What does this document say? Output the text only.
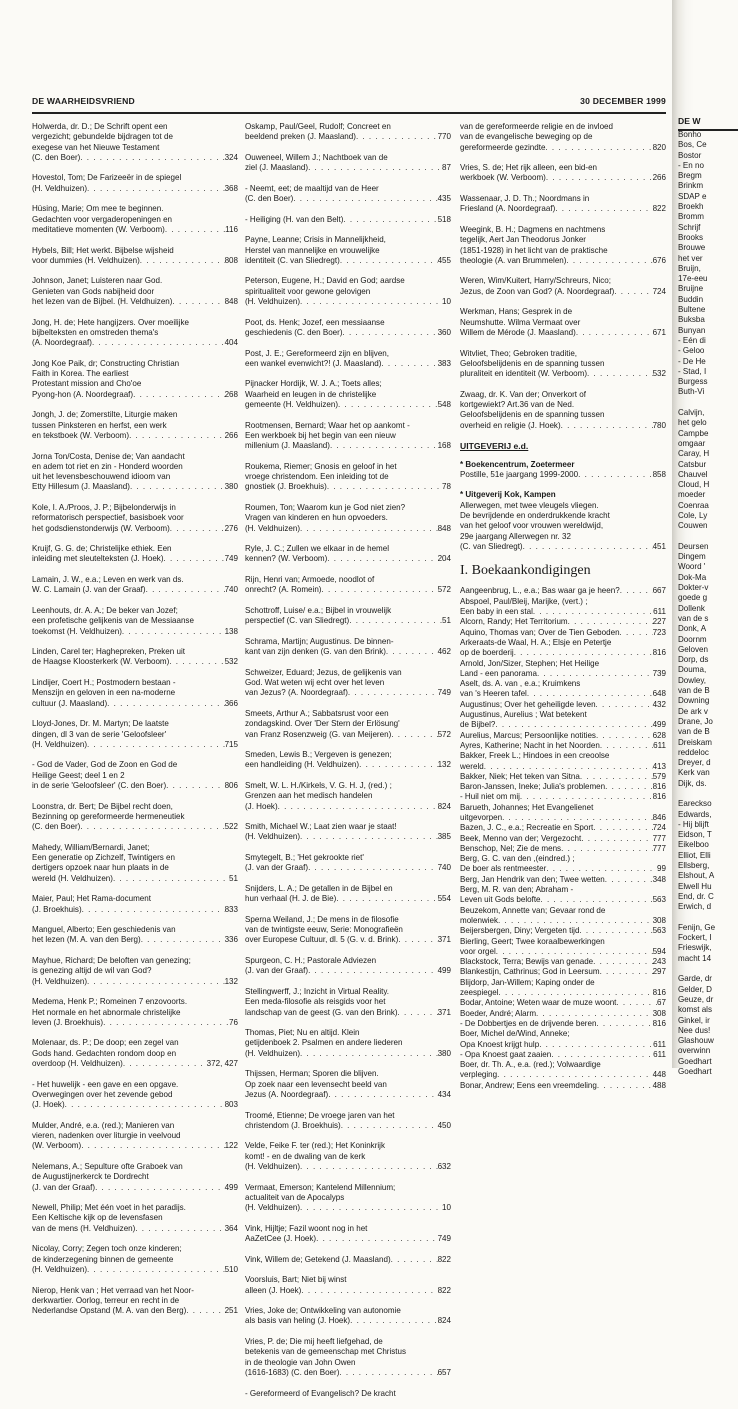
DE WAARHEIDSVRIEND	30 DECEMBER 1999
DE W
Holwerda, dr. D.; De Schrift opent een
vergezicht; gebundelde bijdragen tot de
exegese van het Nieuwe Testament
(C. den Boer) . . .	324
Hovestol, Tom; De Farizeeër in de spiegel
(H. Veldhuizen) . . .	368
Hüsing, Marie; Om mee te beginnen.
Gedachten voor vergaderopeningen en
meditatieve momenten (W. Verboom) . . .	116
Hybels, Bill; Het werkt. Bijbelse wijsheid
voor dummies (H. Veldhuizen) . . .	808
Johnson, Janet; Luisteren naar God.
Genieten van Gods nabijheid door
het lezen van de Bijbel. (H. Veldhuizen) . . .	848
Jong, H. de; Hete hangijzers. Over moeilijke
bijbelteksten en omstreden thema's
(A. Noordegraaf) . . .	404
Jong Koe Paik, dr; Constructing Christian
Faith in Korea. The earliest
Protestant mission and Cho'oe
Pyong-hon (A. Noordegraaf) . . .	268
Jongh, J. de; Zomerstilte, Liturgie maken
tussen Pinksteren en herfst, een werk
en tekstboek (W. Verboom) . . .	266
Jorna Ton/Costa, Denise de; Van aandacht
en adem tot riet en zin - Honderd woorden
uit het levensbeschouwend idioom van
Etty Hillesum (J. Maasland) . . .	380
Kole, I. A./Proos, J. P.; Bijbelonderwijs in
reformatorisch perspectief, basisboek voor
het godsdienstonderwijs (W. Verboom) . . .	276
Kruijf, G. G. de; Christelijke ethiek. Een
inleiding met sleutelteksten (J. Hoek) . . .	749
Lamain, J. W., e.a.; Leven en werk van ds.
W. C. Lamain (J. van der Graaf) . . .	740
Leenhouts, dr. A. A.; De beker van Jozef;
een profetische gelijkenis van de Messiaanse
toekomst (H. Veldhuizen) . . .	138
Linden, Carel ter; Haghepreken, Preken uit
de Haagse Kloosterkerk (W. Verboom) . . .	532
Lindijer, Coert H.; Postmodern bestaan -
Menszijn en geloven in een na-moderne
cultuur (J. Maasland) . . .	366
Lloyd-Jones, Dr. M. Martyn; De laatste
dingen, dl 3 van de serie 'Geloofsleer'
(H. Veldhuizen) . . .	715
- God de Vader, God de Zoon en God de
Heilige Geest; deel 1 en 2
in de serie 'Geloofsleer' (C. den Boer) . . .	806
Loonstra, dr. Bert; De Bijbel recht doen,
Bezinning op gereformeerde hermeneutiek
(C. den Boer) . . .	522
Mahedy, William/Bernardi, Janet;
Een generatie op Zichzelf, Twintigers en
dertigers opzoek naar hun plaats in de
wereld (H. Veldhuizen) . . .	51
Maier, Paul; Het Rama-document
(J. Broekhuis) . . .	833
Manguel, Alberto; Een geschiedenis van
het lezen (M. A. van den Berg) . . .	336
Mayhue, Richard; De beloften van genezing;
is genezing altijd de wil van God?
(H. Veldhuizen) . . .	132
Medema, Henk P.; Romeinen 7 enzovoorts.
Het normale en het abnormale christelijke
leven (J. Broekhuis) . . .	76
Molenaar, ds. P.; De doop; een zegel van
Gods hand. Gedachten rondom doop en
overdoop (H. Veldhuizen) . . .	372, 427
- Het huwelijk - een gave en een opgave.
Overwegingen over het zevende gebod
(J. Hoek) . . .	803
Mulder, André, e.a. (red.); Manieren van
vieren, nadenken over liturgie in veelvoud
(W. Verboom) . . .	122
Nelemans, A.; Sepulture ofte Graboek van
de Augustijnerkerck te Dordrecht
(J. van der Graaf) . . .	499
Newell, Philip; Met één voet in het paradijs.
Een Keltische kijk op de levensfasen
van de mens (H. Veldhuizen) . . .	364
Nicolay, Corry; Zegen toch onze kinderen;
de kinderzegening binnen de gemeente
(H. Veldhuizen) . . .	510
Nierop, Henk van ; Het verraad van het Noor-
derkwartier. Oorlog, terreur en recht in de
Nederlandse Opstand (M. A. van den Berg) . . .	251
Oskamp, Paul/Geel, Rudolf; Concreet en
beeldend preken (J. Maasland) . . .	770
Ouweneel, Willem J.; Nachtboek van de
ziel (J. Maasland) . . .	87
- Neemt, eet; de maaltijd van de Heer
(C. den Boer) . . .	435
- Heiliging (H. van den Belt) . . .	518
Payne, Leanne; Crisis in Mannelijkheid,
Herstel van mannelijke en vrouwelijke
identiteit (C. van Sliedregt) . . .	455
Peterson, Eugene, H.; David en God; aardse
spiritualiteit voor gewone gelovigen
(H. Veldhuizen) . . .	10
Poot, ds. Henk; Jozef, een messiaanse
geschiedenis (C. den Boer) . . .	360
Post, J. E.; Gereformeerd zijn en blijven,
een wankel evenwicht?! (J. Maasland) . . .	383
Pijnacker Hordijk, W. J. A.; Toets alles;
Waarheid en leugen in de christelijke
gemeente (H. Veldhuizen) . . .	548
Rootmensen, Bernard; Waar het op aankomt -
Een werkboek bij het begin van een nieuw
millenium (J. Maasland) . . .	168
Roukema, Riemer; Gnosis en geloof in het
vroege christendom. Een inleiding tot de
gnostiek (J. Broekhuis) . . .	78
Roumen, Ton; Waarom kun je God niet zien?
Vragen van kinderen en hun opvoeders.
(H. Veldhuizen) . . .	848
Ryle, J. C.; Zullen we elkaar in de hemel
kennen? (W. Verboom) . . .	204
Rijn, Henri van; Armoede, noodlot of
onrecht? (A. Romein) . . .	572
Schottroff, Luise/ e.a.; Bijbel in vrouwelijk
perspectief (C. van Sliedregt) . . .	51
Schrama, Martijn; Augustinus. De binnen-
kant van zijn denken (G. van den Brink) . . .	462
Schweizer, Eduard; Jezus, de gelijkenis van
God. Wat weten wij echt over het leven
van Jezus? (A. Noordegraaf) . . .	749
Smeets, Arthur A.; Sabbatsrust voor een
zondagskind. Over 'Der Stern der Erlösung'
van Franz Rosenzweig (G. van Meijeren) . . .	572
Smeden, Lewis B.; Vergeven is genezen;
een handleiding (H. Veldhuizen) . . .	132
Smelt, W. L. H./Kirkels, V. G. H. J, (red.) ;
Grenzen aan het medisch handelen
(J. Hoek) . . .	824
Smith, Michael W.; Laat zien waar je staat!
(H. Veldhuizen) . . .	385
Smytegelt, B.; 'Het gekrookte riet'
(J. van der Graaf) . . .	740
Snijders, L. A.; De getallen in de Bijbel en
hun verhaal (H. J. de Bie) . . .	554
Sperna Weiland, J.; De mens in de filosofie
van de twintigste eeuw, Serie: Monografieën
over Europese Cultuur, dl. 5 (G. v. d. Brink) . . .	371
Spurgeon, C. H.; Pastorale Adviezen
(J. van der Graaf) . . .	499
Stellingwerff, J.; Inzicht in Virtual Reality.
Een meda-filosofie als reisgids voor het
landschap van de geest (G. van den Brink) . . .	371
Thomas, Piet; Nu en altijd. Klein
getijdenboek 2. Psalmen en andere liederen
(H. Veldhuizen) . . .	380
Thijssen, Herman; Sporen die blijven.
Op zoek naar een levensecht beeld van
Jezus (A. Noordegraaf) . . .	434
Troomé, Etienne; De vroege jaren van het
christendom (J. Broekhuis) . . .	450
Velde, Feike F. ter (red.); Het Koninkrijk
komt! - en de dwaling van de kerk
(H. Veldhuizen) . . .	632
Vermaat, Emerson; Kantelend Millennium;
actualiteit van de Apocalyps
(H. Veldhuizen) . . .	10
Vink, Hijltje; Fazil woont nog in het
AaZetCee (J. Hoek) . . .	749
Vink, Willem de; Getekend (J. Maasland) . . .	822
Voorsluis, Bart; Niet bij winst
alleen (J. Hoek) . . .	822
Vries, Joke de; Ontwikkeling van autonomie
als basis van heling (J. Hoek) . . .	824
Vries, P. de; Die mij heeft liefgehad, de
betekenis van de gemeenschap met Christus
in de theologie van John Owen
(1616-1683) (C. den Boer) . . .	657
- Gereformeerd of Evangelisch? De kracht
van de gereformeerde religie en de invloed
van de evangelische beweging op de
gereformeerde gezindte . . .	820
Vries, S. de; Het rijk alleen, een bid-en
werkboek (W. Verboom) . . .	266
Wassenaar, J. D. Th.; Noordmans in
Friesland (A. Noordegraaf) . . .	822
Weegink, B. H.; Dagmens en nachtmens
tegelijk, Aert Jan Theodorus Jonker
(1851-1928) in het licht van de praktische
theologie (A. van Brummelen) . . .	676
Weren, Wim/Kuitert, Harry/Schreurs, Nico;
Jezus, de Zoon van God? (A. Noordegraaf) . . .	724
Werkman, Hans; Gesprek in de
Neumshutte. Wilma Vermaat over
Willem de Mérode (J. Maasland) . . .	671
Witvliet, Theo; Gebroken traditie,
Geloofsbelijdenis en de spanning tussen
pluraliteit en identiteit (W. Verboom) . . .	532
Zwaag, dr. K. Van der; Onverkort of
kortgewiekt? Art.36 van de Ned.
Geloofsbelijdenis en de spanning tussen
overheid en religie (J. Hoek) . . .	780
UITGEVERIJ e.d.
* Boekencentrum, Zoetermeer
Postille, 51e jaargang 1999-2000 . . .	858
* Uitgeverij Kok, Kampen
Allerwegen, met twee vleugels vliegen.
De bevrijdende en onderdrukkende kracht
van het geloof voor vrouwen wereldwijd,
29e jaargang Allerwegen nr. 32
(C. van Sliedregt) . . .	451
I. Boekaankondigingen
Aangeenbrug, L., e.a.; Bas waar ga je heen? . . .	667
Abspoel, Paul/Bleij, Marijke, (vert.) ;
Een baby in een stal . . .	611
Alcorn, Randy; Het Territorium . . .	227
Aquino, Thomas van; Over de Tien Geboden . . .	723
Arkeraats-de Waal, H. A.; Elsje en Petertje
op de boerderij . . .	816
Arnold, Jon/Sizer, Stephen; Het Heilige
Land - een panorama . . .	739
Aselt, ds. A. van , e.a.; Kruimkens
van 's Heeren tafel . . .	648
Augustinus; Over het geheiligde leven . . .	432
Augustinus, Aurelius ; Wat betekent
de Bijbel? . . .	499
Aurelius, Marcus; Persoonlijke notities . . .	628
Ayres, Katherine; Nacht in het Noorden . . .	611
Bakker, Freek L.; Hindoes in een creoolse
wereld . . .	413
Bakker, Niek; Het teken van Sitna . . .	579
Baron-Janssen, Ineke; Julia's problemen . . .	816
- Huil niet om mij . . .	816
Barueth, Johannes; Het Evangelienet
uitgevorpen . . .	846
Bazen, J. C., e.a.; Recreatie en Sport . . .	724
Beek, Menno van der; Vergezocht . . .	777
Benschop, Nel; Zie de mens . . .	777
Berg, G. C. van den ,(eindred.) ;
De boer als rentmeester . . .	99
Berg, Jan Hendrik van den; Twee wetten . . .	348
Berg, M. R. van den; Abraham -
Leven uit Gods belofte . . .	563
Beuzekom, Annette van; Gevaar rond de
molenwiek . . .	308
Beijersbergen, Diny; Vergeten tijd . . .	563
Bierling, Geert; Twee koraalbewerkingen
voor orgel . . .	594
Blackstock, Terra; Bewijs van genade . . .	243
Blankestijn, Cathrinus; God in Leersum . . .	297
Blijdorp, Jan-Willem; Kaping onder de
zeespiegel . . .	816
Bodar, Antoine; Weten waar de muze woont . . .	67
Boeder, André; Alarm . . .	308
- De Dobbertjes en de drijvende beren . . .	816
Boer, Michel de/Wind, Anneke;
Opa Knoest krijgt hulp . . .	611
- Opa Knoest gaat zaaien . . .	611
Boer, dr. Th. A., e.a. (red.); Volwaardige
verpleging . . .	448
Bonar, Andrew; Eens een vreemdeling . . .	488
Bonho
Bos, Ce
Bostor
- En no
Bregm
Brinkm
SDAP e
Broekh
Bromm
Schrijf
Brooks
Brouwe
het ver
Bruijn,
17e-eeu
Bruijne
Buddin
Bultene
Buksba
Bunyan
- Eén di
- Geloo
- De He
- Stad, I
Burgess
Buth-Vi
Calvijn,
het gelo
Campbe
omgaar
Caray, H
Catsbur
Chauvel
Cloud, H
moeder
Coenraa
Cole, Ly
Couwen
Deursen
Dingem
Woord '
Dok-Ma
Dokter-v
goede g
Dollenk
van de s
Donk, A
Doornm
Geloven
Dorp, ds
Douma,
Dowley,
van de B
Downing
De ark v
Drane, Jo
van de B
Dreiskam
reddeloc
Dreyer, d
Kerk van
Dijk, ds.
Eareckso
Edwards,
- Hij blijft
Eidson, T
Eikelboo
Elliot, Elli
Ellsberg,
Elshout, A
Elwell Hu
End, dr. C
Erwich, d
Fenijn, Ge
Fockert, I
Frieswijk,
macht 14
Garde, dr
Gelder, D
Geuze, dr
komst als
Ginkel, ir
Nee dus!
Glashouw
overwinn
Goedhart
Goedhart
